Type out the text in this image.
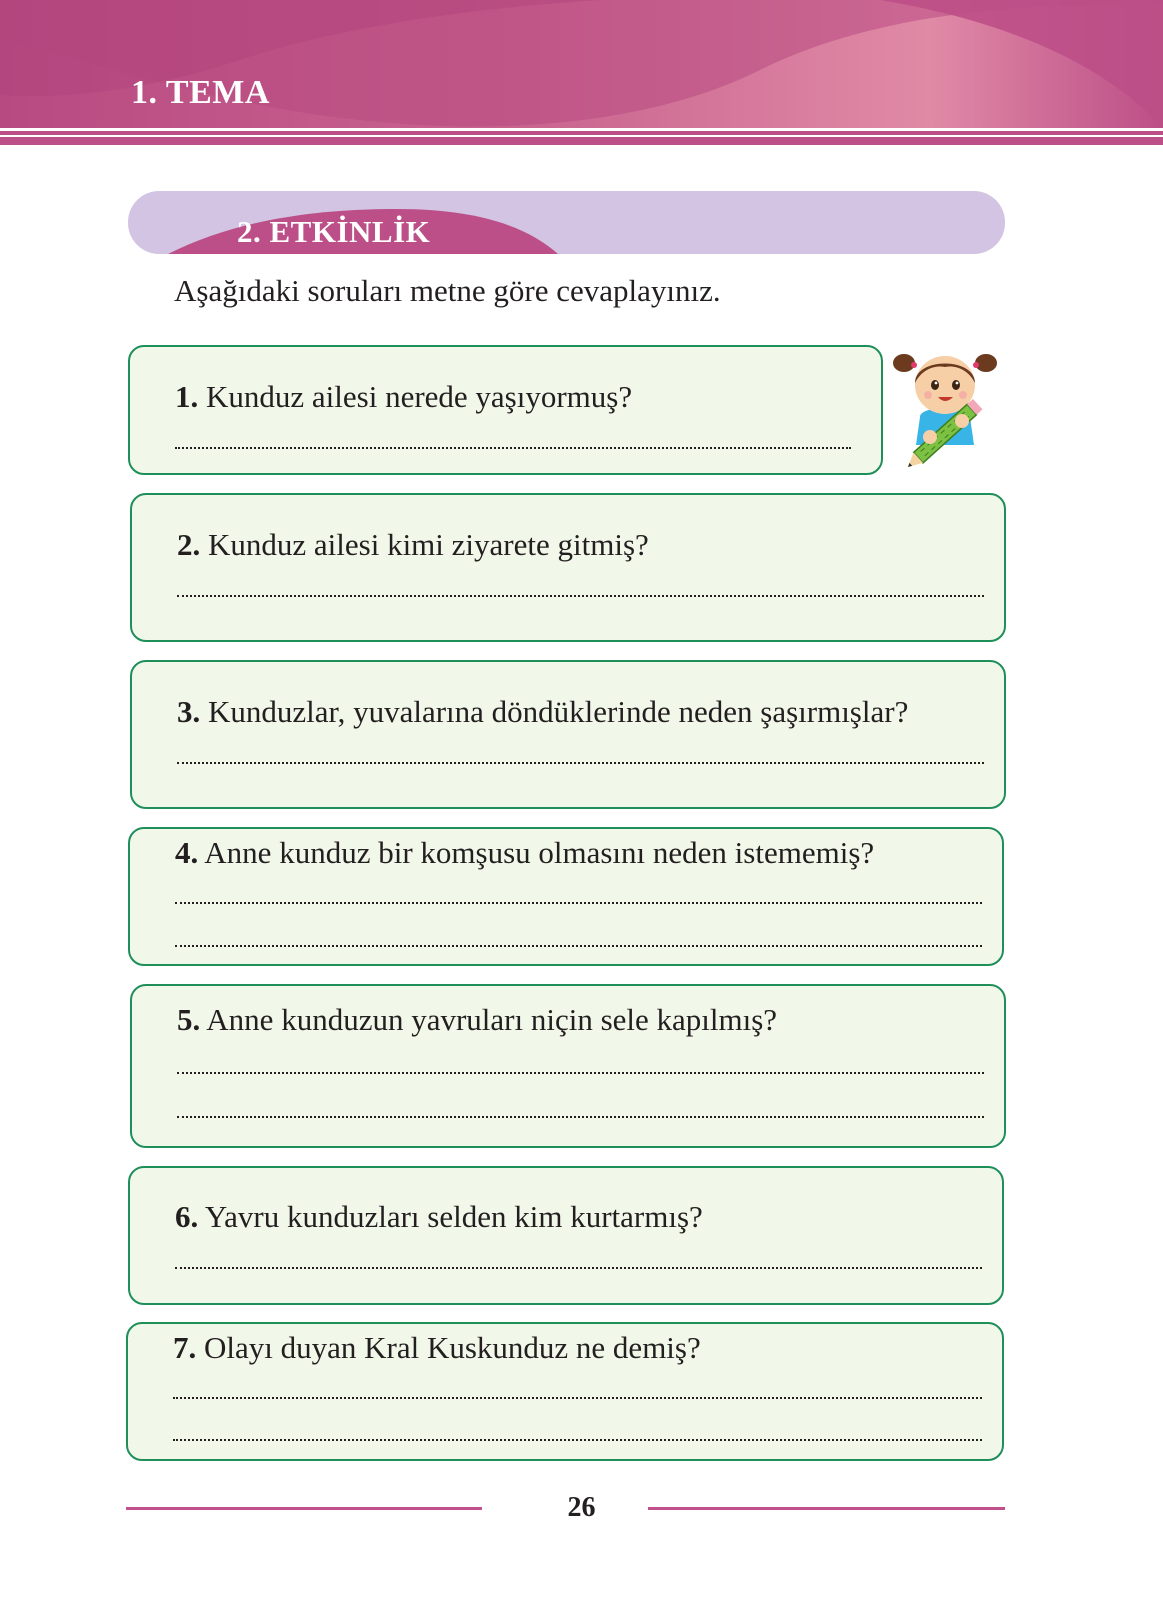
1. TEMA
2. ETKİNLİK
Aşağıdaki soruları metne göre cevaplayınız.
1. Kunduz ailesi nerede yaşıyormuş?
2. Kunduz ailesi kimi ziyarete gitmiş?
3. Kunduzlar, yuvalarına döndüklerinde neden şaşırmışlar?
4. Anne kunduz bir komşusu olmasını neden istememiş?
5. Anne kunduzun yavruları niçin sele kapılmış?
6. Yavru kunduzları selden kim kurtarmış?
7. Olayı duyan Kral Kuskunduz ne demiş?
26
